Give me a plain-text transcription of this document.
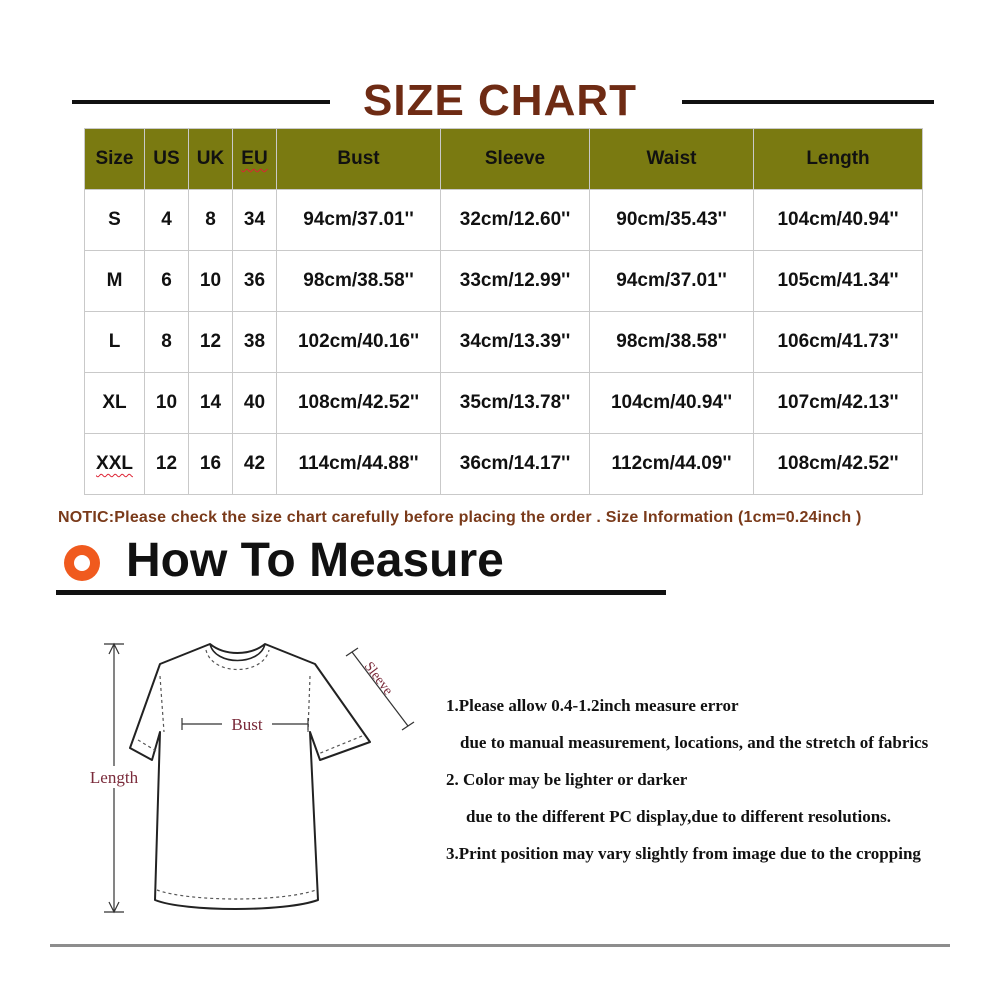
SIZE CHART
Size	US	UK	EU	Bust	Sleeve	Waist	Length
S	4	8	34	94cm/37.01''	32cm/12.60''	90cm/35.43''	104cm/40.94''
M	6	10	36	98cm/38.58''	33cm/12.99''	94cm/37.01''	105cm/41.34''
L	8	12	38	102cm/40.16''	34cm/13.39''	98cm/38.58''	106cm/41.73''
XL	10	14	40	108cm/42.52''	35cm/13.78''	104cm/40.94''	107cm/42.13''
XXL	12	16	42	114cm/44.88''	36cm/14.17''	112cm/44.09''	108cm/42.52''
NOTIC:Please check the size chart carefully before placing the order . Size Information (1cm=0.24inch )
How To Measure
Length
Bust
Sleeve
1.Please allow 0.4-1.2inch measure error
due to manual measurement, locations, and the stretch of fabrics
2. Color may be lighter or darker
due to the different PC display,due to different resolutions.
3.Print position may vary slightly from image due to the cropping
